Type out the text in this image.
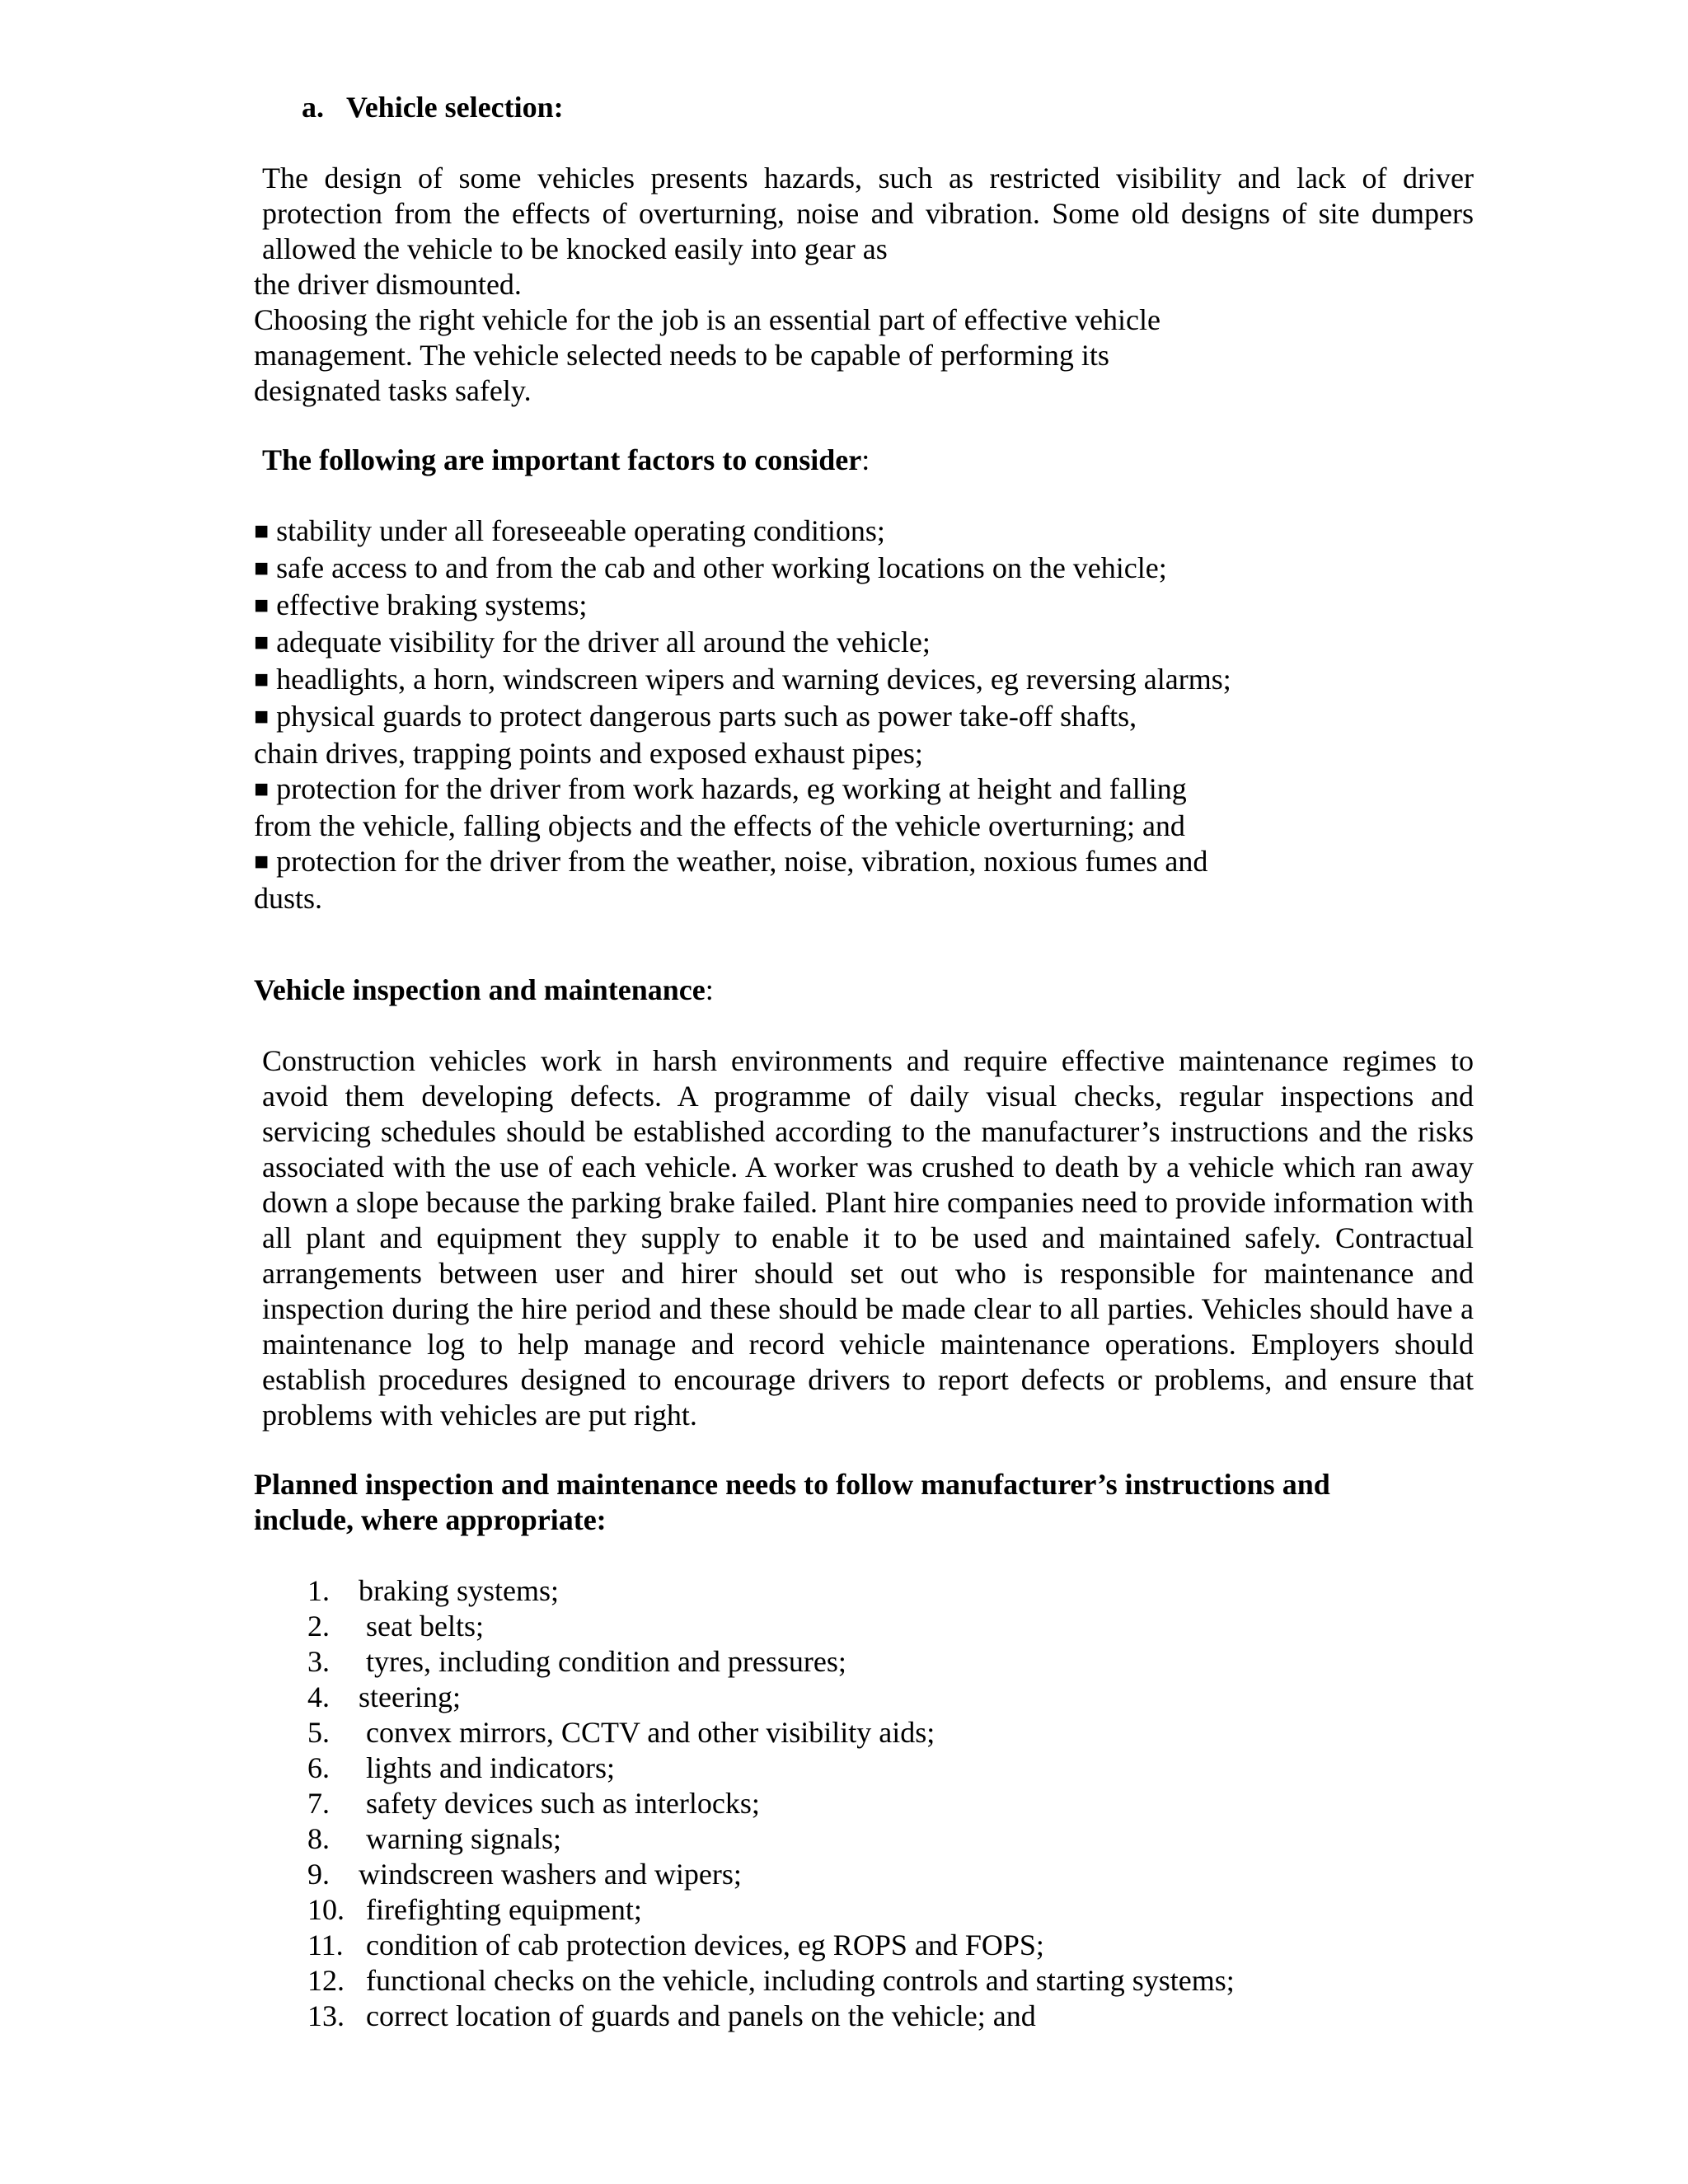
a. Vehicle selection:

The design of some vehicles presents hazards, such as restricted visibility and lack of driver protection from the effects of overturning, noise and vibration. Some old designs of site dumpers allowed the vehicle to be knocked easily into gear as

the driver dismounted.

Choosing the right vehicle for the job is an essential part of effective vehicle

management. The vehicle selected needs to be capable of performing its

designated tasks safely.

The following are important factors to consider:

■ stability under all foreseeable operating conditions;

■ safe access to and from the cab and other working locations on the vehicle;

■ effective braking systems;

■ adequate visibility for the driver all around the vehicle;

■ headlights, a horn, windscreen wipers and warning devices, eg reversing alarms;

■ physical guards to protect dangerous parts such as power take-off shafts,

chain drives, trapping points and exposed exhaust pipes;

■ protection for the driver from work hazards, eg working at height and falling

from the vehicle, falling objects and the effects of the vehicle overturning; and

■ protection for the driver from the weather, noise, vibration, noxious fumes and

dusts.

Vehicle inspection and maintenance:

Construction vehicles work in harsh environments and require effective maintenance regimes to avoid them developing defects. A programme of daily visual checks, regular inspections and servicing schedules should be established according to the manufacturer’s instructions and the risks associated with the use of each vehicle. A worker was crushed to death by a vehicle which ran away down a slope because the parking brake failed. Plant hire companies need to provide information with all plant and equipment they supply to enable it to be used and maintained safely. Contractual arrangements between user and hirer should set out who is responsible for maintenance and inspection during the hire period and these should be made clear to all parties. Vehicles should have a maintenance log to help manage and record vehicle maintenance operations. Employers should establish procedures designed to encourage drivers to report defects or problems, and ensure that problems with vehicles are put right.

Planned inspection and maintenance needs to follow manufacturer’s instructions and

include, where appropriate:

1. braking systems;
2. seat belts;
3. tyres, including condition and pressures;
4. steering;
5. convex mirrors, CCTV and other visibility aids;
6. lights and indicators;
7. safety devices such as interlocks;
8. warning signals;
9. windscreen washers and wipers;
10. firefighting equipment;
11. condition of cab protection devices, eg ROPS and FOPS;
12. functional checks on the vehicle, including controls and starting systems;
13. correct location of guards and panels on the vehicle; and
